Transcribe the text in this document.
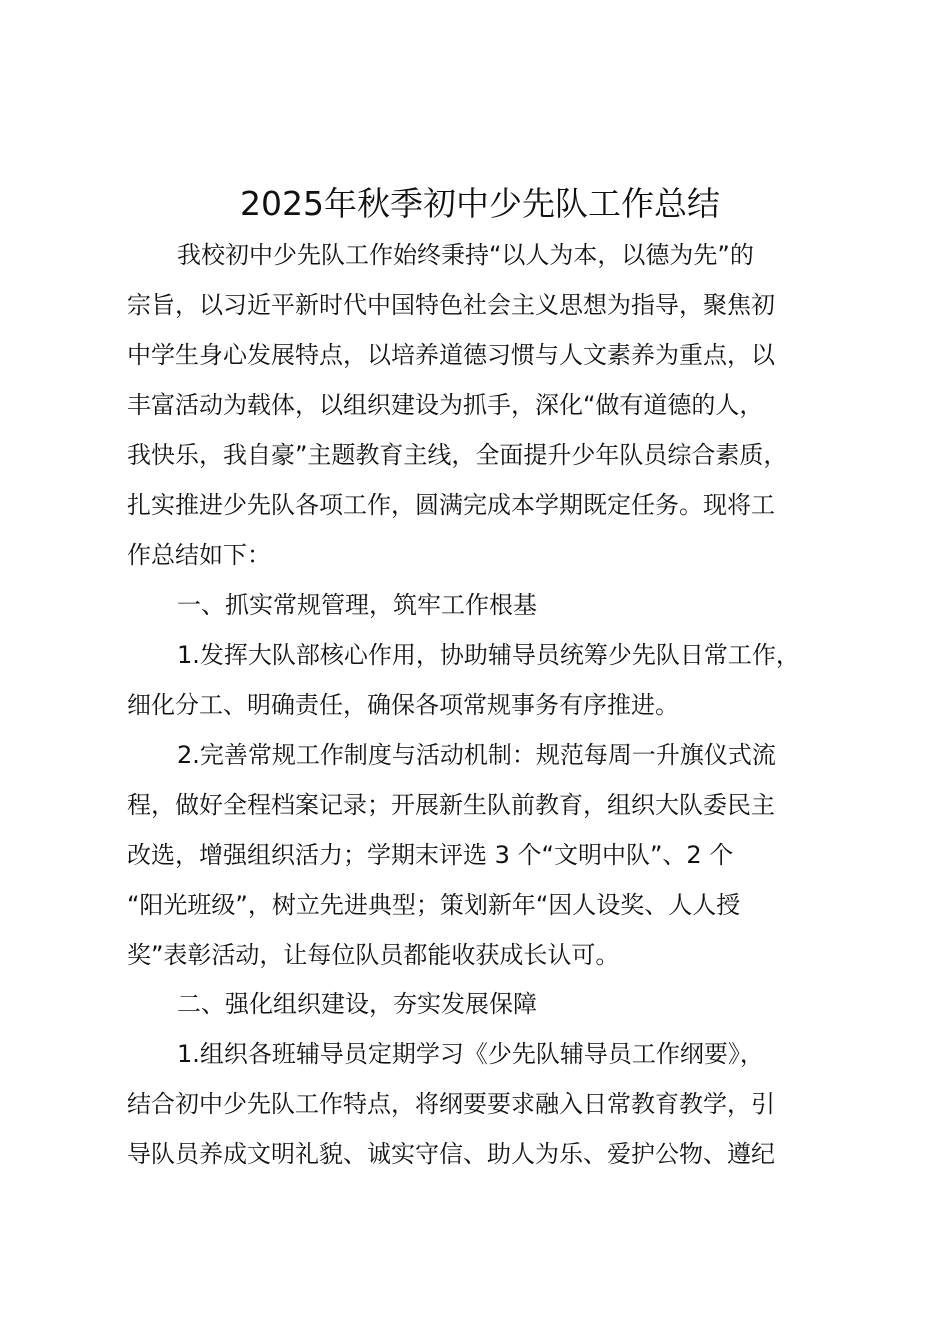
2025年秋季初中少先队工作总结
我校初中少先队工作始终秉持“以人为本，以德为先”的
宗旨，以习近平新时代中国特色社会主义思想为指导，聚焦初
中学生身心发展特点，以培养道德习惯与人文素养为重点，以
丰富活动为载体，以组织建设为抓手，深化“做有道德的人，
我快乐，我自豪”主题教育主线，全面提升少年队员综合素质，
扎实推进少先队各项工作，圆满完成本学期既定任务。现将工
作总结如下：
一、抓实常规管理，筑牢工作根基
1.发挥大队部核心作用，协助辅导员统筹少先队日常工作，
细化分工、明确责任，确保各项常规事务有序推进。
2.完善常规工作制度与活动机制：规范每周一升旗仪式流
程，做好全程档案记录；开展新生队前教育，组织大队委民主
改选，增强组织活力；学期末评选 3 个“文明中队”、2 个
“阳光班级”，树立先进典型；策划新年“因人设奖、人人授
奖”表彰活动，让每位队员都能收获成长认可。
二、强化组织建设，夯实发展保障
1.组织各班辅导员定期学习《少先队辅导员工作纲要》，
结合初中少先队工作特点，将纲要要求融入日常教育教学，引
导队员养成文明礼貌、诚实守信、助人为乐、爱护公物、遵纪
